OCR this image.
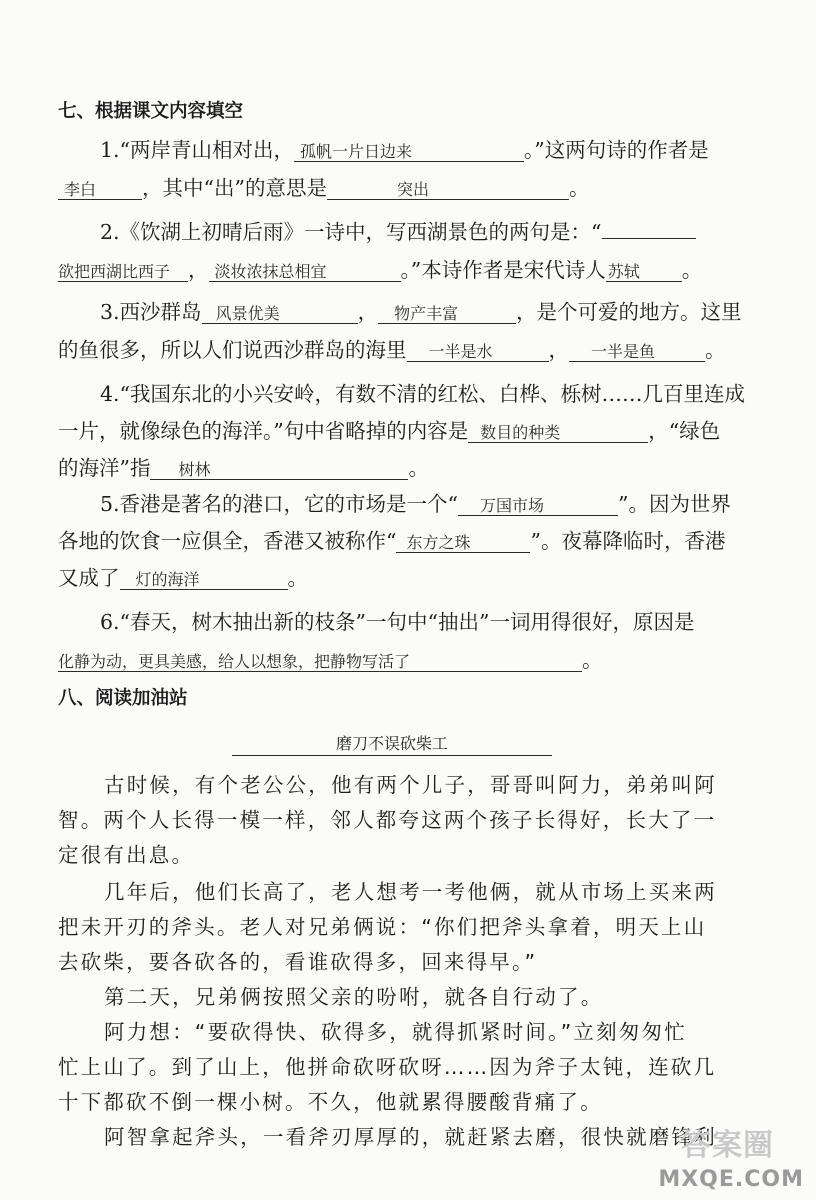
七、根据课文内容填空
1.“两岸青山相对出， 孤帆一片日边来	。”这两句诗的作者是
李白 ，其中“出”的意思是	突出	。
2.《饮湖上初晴后雨》一诗中，写西湖景色的两句是：“
欲把西湖比西子 ， 淡妆浓抹总相宜	。”本诗作者是宋代诗人 苏轼 。
3.西沙群岛 风景优美	， 物产丰富	，是个可爱的地方。这里
的鱼很多，所以人们说西沙群岛的海里 一半是水	， 一半是鱼 。
4.“我国东北的小兴安岭，有数不清的红松、白桦、栎树……几百里连成
一片，就像绿色的海洋。”句中省略掉的内容是 数目的种类	，“绿色
的海洋”指 树林	。
5.香港是著名的港口，它的市场是一个“ 万国市场	”。因为世界
各地的饮食一应俱全，香港又被称作“ 东方之珠	”。夜幕降临时，香港
又成了 灯的海洋	。
6.“春天，树木抽出新的枝条”一句中“抽出”一词用得很好，原因是
化静为动，更具美感，给人以想象，把静物写活了	。
八、阅读加油站
磨刀不误砍柴工
古时候，有个老公公，他有两个儿子，哥哥叫阿力，弟弟叫阿
智。两个人长得一模一样，邻人都夸这两个孩子长得好，长大了一
定很有出息。
几年后，他们长高了，老人想考一考他俩，就从市场上买来两
把未开刃的斧头。老人对兄弟俩说：“你们把斧头拿着，明天上山
去砍柴，要各砍各的，看谁砍得多，回来得早。”
第二天，兄弟俩按照父亲的吩咐，就各自行动了。
阿力想：“要砍得快、砍得多，就得抓紧时间。”立刻匆匆忙
忙上山了。到了山上，他拼命砍呀砍呀……因为斧子太钝，连砍几
十下都砍不倒一棵小树。不久，他就累得腰酸背痛了。
阿智拿起斧头，一看斧刃厚厚的，就赶紧去磨，很快就磨锋利
答案圈
MXQE.COM
